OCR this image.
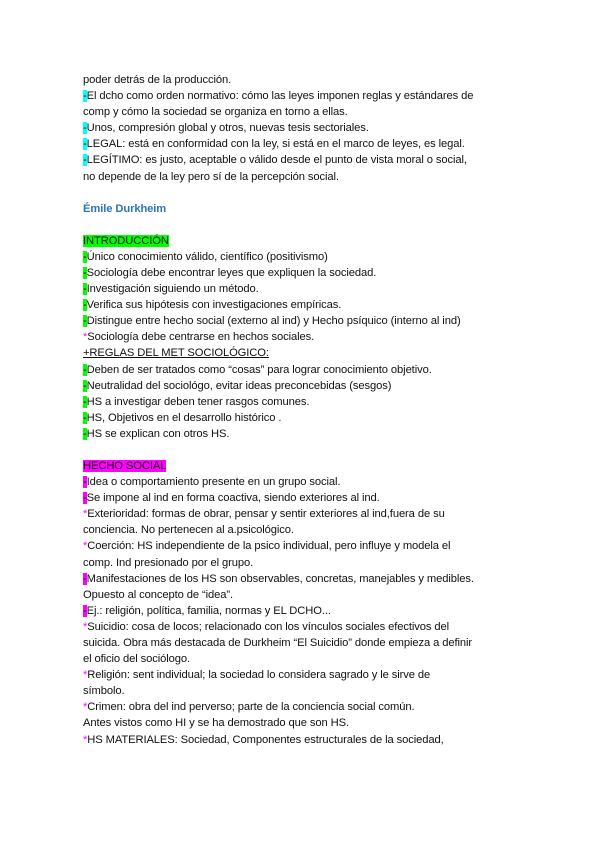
poder detrás de la producción.
-El dcho como orden normativo: cómo las leyes imponen reglas y estándares de
comp y cómo la sociedad se organiza en torno a ellas.
-Unos, compresión global y otros, nuevas tesis sectoriales.
-LEGAL: está en conformidad con la ley, si está en el marco de leyes, es legal.
-LEGÍTIMO: es justo, aceptable o válido desde el punto de vista moral o social,
no depende de la ley pero sí de la percepción social.
Émile Durkheim
INTRODUCCIÓN
-Único conocimiento válido, científico (positivismo)
-Sociología debe encontrar leyes que expliquen la sociedad.
-Investigación siguiendo un método.
-Verifica sus hipótesis con investigaciones empíricas.
-Distingue entre hecho social (externo al ind) y Hecho psíquico (interno al ind)
*Sociología debe centrarse en hechos sociales.
+REGLAS DEL MET SOCIOLÓGICO:
-Deben de ser tratados como “cosas” para lograr conocimiento objetivo.
-Neutralidad del sociológo, evitar ideas preconcebidas (sesgos)
-HS a investigar deben tener rasgos comunes.
-HS, Objetivos en el desarrollo histórico .
-HS se explican con otros HS.
HECHO SOCIAL
-Idea o comportamiento presente en un grupo social.
-Se impone al ind en forma coactiva, siendo exteriores al ind.
*Exterioridad: formas de obrar, pensar y sentir exteriores al ind,fuera de su
conciencia. No pertenecen al a.psicológico.
*Coerción: HS independiente de la psico individual, pero influye y modela el
comp. Ind presionado por el grupo.
-Manifestaciones de los HS son observables, concretas, manejables y medibles.
Opuesto al concepto de “idea”.
-Ej.: religión, política, familia, normas y EL DCHO...
*Suicidio: cosa de locos; relacionado con los vínculos sociales efectivos del
suicida. Obra más destacada de Durkheim “El Suicidio” donde empieza a definir
el oficio del sociólogo.
*Religión: sent individual; la sociedad lo considera sagrado y le sirve de
símbolo.
*Crimen: obra del ind perverso; parte de la conciencia social común.
Antes vistos como HI y se ha demostrado que son HS.
*HS MATERIALES: Sociedad, Componentes estructurales de la sociedad,
